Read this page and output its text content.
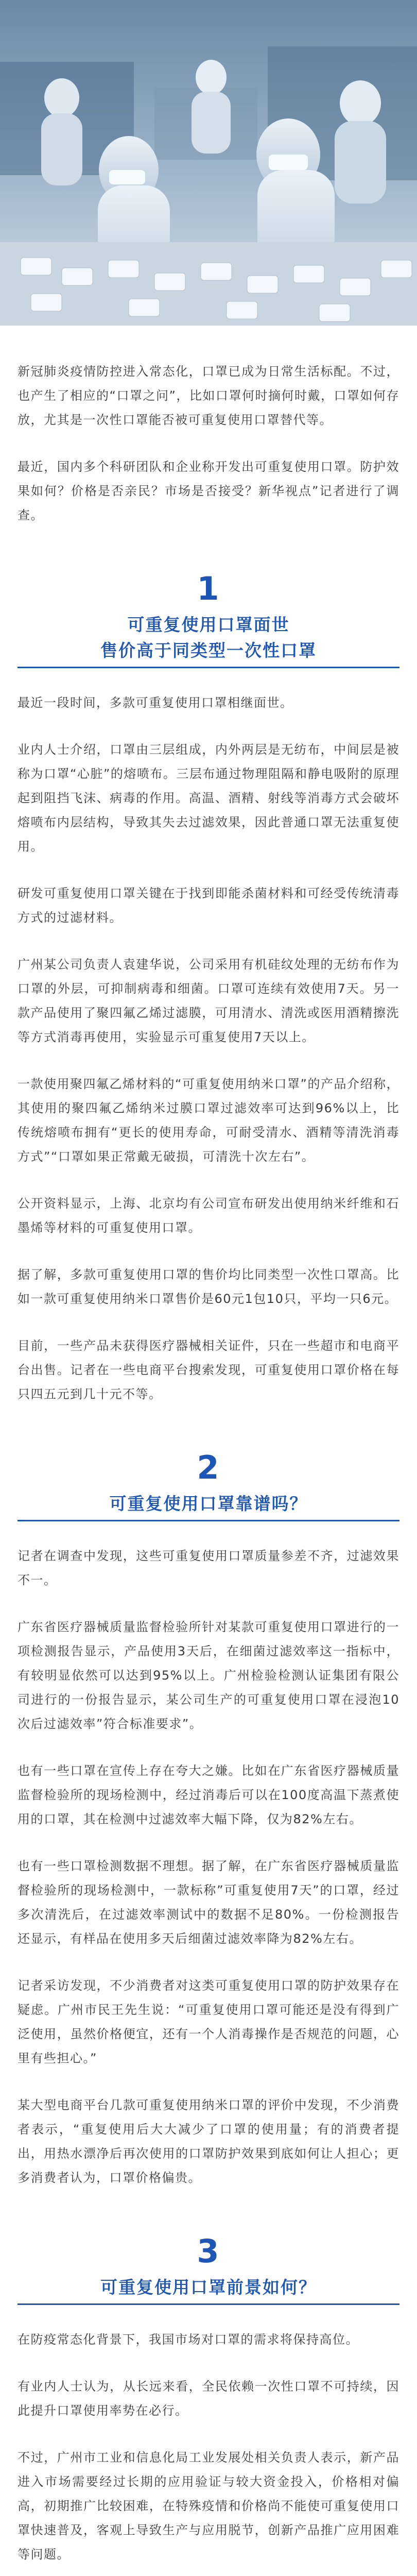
新冠肺炎疫情防控进入常态化，口罩已成为日常生活标配。不过，也产生了相应的“口罩之问”，比如口罩何时摘何时戴，口罩如何存放，尤其是一次性口罩能否被可重复使用口罩替代等。

最近，国内多个科研团队和企业称开发出可重复使用口罩。防护效果如何？价格是否亲民？市场是否接受？新华视点”记者进行了调查。

1
可重复使用口罩面世
售价高于同类型一次性口罩

最近一段时间，多款可重复使用口罩相继面世。

业内人士介绍，口罩由三层组成，内外两层是无纺布，中间层是被称为口罩“心脏”的熔喷布。三层布通过物理阻隔和静电吸附的原理起到阻挡飞沫、病毒的作用。高温、酒精、射线等消毒方式会破坏熔喷布内层结构，导致其失去过滤效果，因此普通口罩无法重复使用。

研发可重复使用口罩关键在于找到即能杀菌材料和可经受传统清毒方式的过滤材料。

广州某公司负责人袁建华说，公司采用有机硅纹处理的无纺布作为口罩的外层，可抑制病毒和细菌。口罩可连续有效使用7天。另一款产品使用了聚四氟乙烯过滤膜，可用清水、清洗或医用酒精擦洗等方式消毒再使用，实验显示可重复使用7天以上。

一款使用聚四氟乙烯材料的“可重复使用纳米口罩”的产品介绍称，其使用的聚四氟乙烯纳米过膜口罩过滤效率可达到96%以上，比传统熔喷布拥有“更长的使用寿命，可耐受清水、酒精等清洗消毒方式”“口罩如果正常戴无破损，可清洗十次左右”。

公开资料显示，上海、北京均有公司宣布研发出使用纳米纤维和石墨烯等材料的可重复使用口罩。

据了解，多款可重复使用口罩的售价均比同类型一次性口罩高。比如一款可重复使用纳米口罩售价是60元1包10只，平均一只6元。

目前，一些产品未获得医疗器械相关证件，只在一些超市和电商平台出售。记者在一些电商平台搜索发现，可重复使用口罩价格在每只四五元到几十元不等。

2
可重复使用口罩靠谱吗？

记者在调查中发现，这些可重复使用口罩质量参差不齐，过滤效果不一。

广东省医疗器械质量监督检验所针对某款可重复使用口罩进行的一项检测报告显示，产品使用3天后，在细菌过滤效率这一指标中，有较明显依然可以达到95%以上。广州检验检测认证集团有限公司进行的一份报告显示，某公司生产的可重复使用口罩在浸泡10次后过滤效率”符合标准要求”。

也有一些口罩在宣传上存在夸大之嫌。比如在广东省医疗器械质量监督检验所的现场检测中，经过消毒后可以在100度高温下蒸煮使用的口罩，其在检测中过滤效率大幅下降，仅为82%左右。

也有一些口罩检测数据不理想。据了解，在广东省医疗器械质量监督检验所的现场检测中，一款标称”可重复使用7天”的口罩，经过多次清洗后，在过滤效率测试中的数据不足80%。一份检测报告还显示，有样品在使用多天后细菌过滤效率降为82%左右。

记者采访发现，不少消费者对这类可重复使用口罩的防护效果存在疑虑。广州市民王先生说：“可重复使用口罩可能还是没有得到广泛使用，虽然价格便宜，还有一个人消毒操作是否规范的问题，心里有些担心。”

某大型电商平台几款可重复使用纳米口罩的评价中发现，不少消费者表示，“重复使用后大大减少了口罩的使用量；有的消费者提出，用热水漂净后再次使用的口罩防护效果到底如何让人担心；更多消费者认为，口罩价格偏贵。

3
可重复使用口罩前景如何？

在防疫常态化背景下，我国市场对口罩的需求将保持高位。

有业内人士认为，从长远来看，全民依赖一次性口罩不可持续，因此提升口罩使用率势在必行。

不过，广州市工业和信息化局工业发展处相关负责人表示，新产品进入市场需要经过长期的应用验证与较大资金投入，价格相对偏高，初期推广比较困难，在特殊疫情和价格尚不能使可重复使用口罩快速普及，客观上导致生产与应用脱节，创新产品推广应用困难等问题。
